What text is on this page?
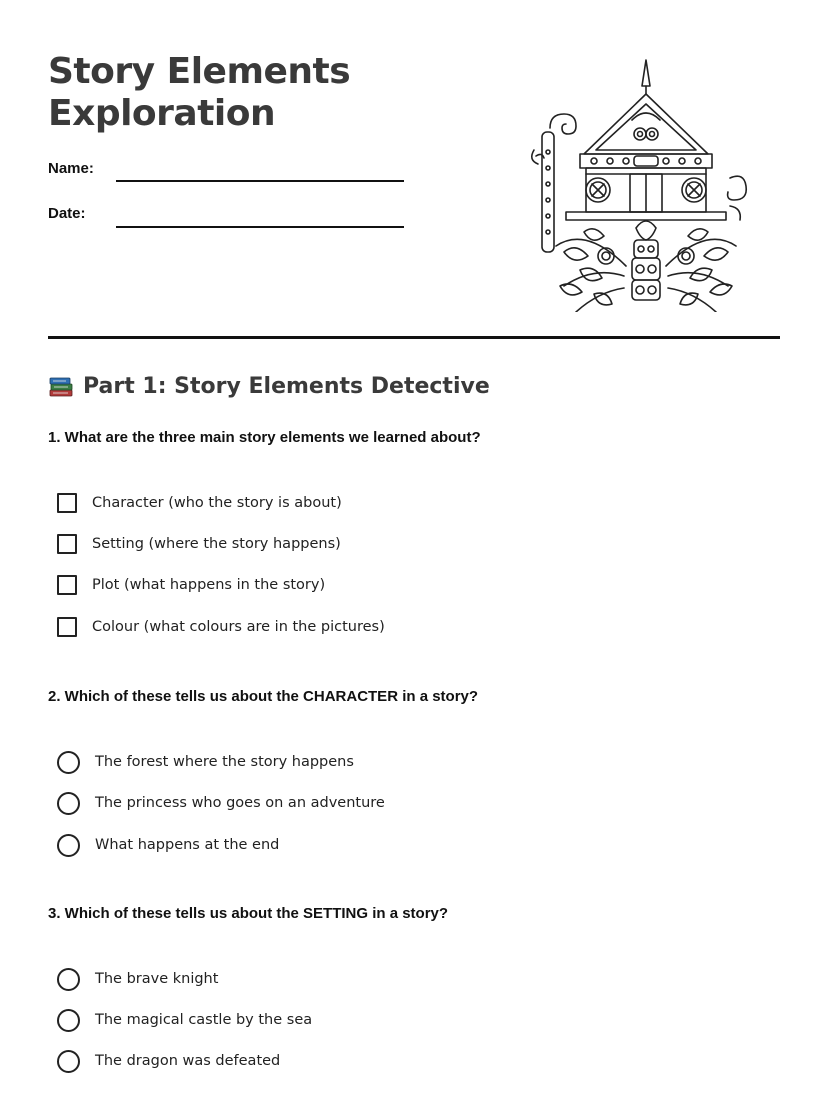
Story Elements
Exploration
Name:
Date:
Part 1: Story Elements Detective
1. What are the three main story elements we learned about?
Character (who the story is about)
Setting (where the story happens)
Plot (what happens in the story)
Colour (what colours are in the pictures)
2. Which of these tells us about the CHARACTER in a story?
The forest where the story happens
The princess who goes on an adventure
What happens at the end
3. Which of these tells us about the SETTING in a story?
The brave knight
The magical castle by the sea
The dragon was defeated
